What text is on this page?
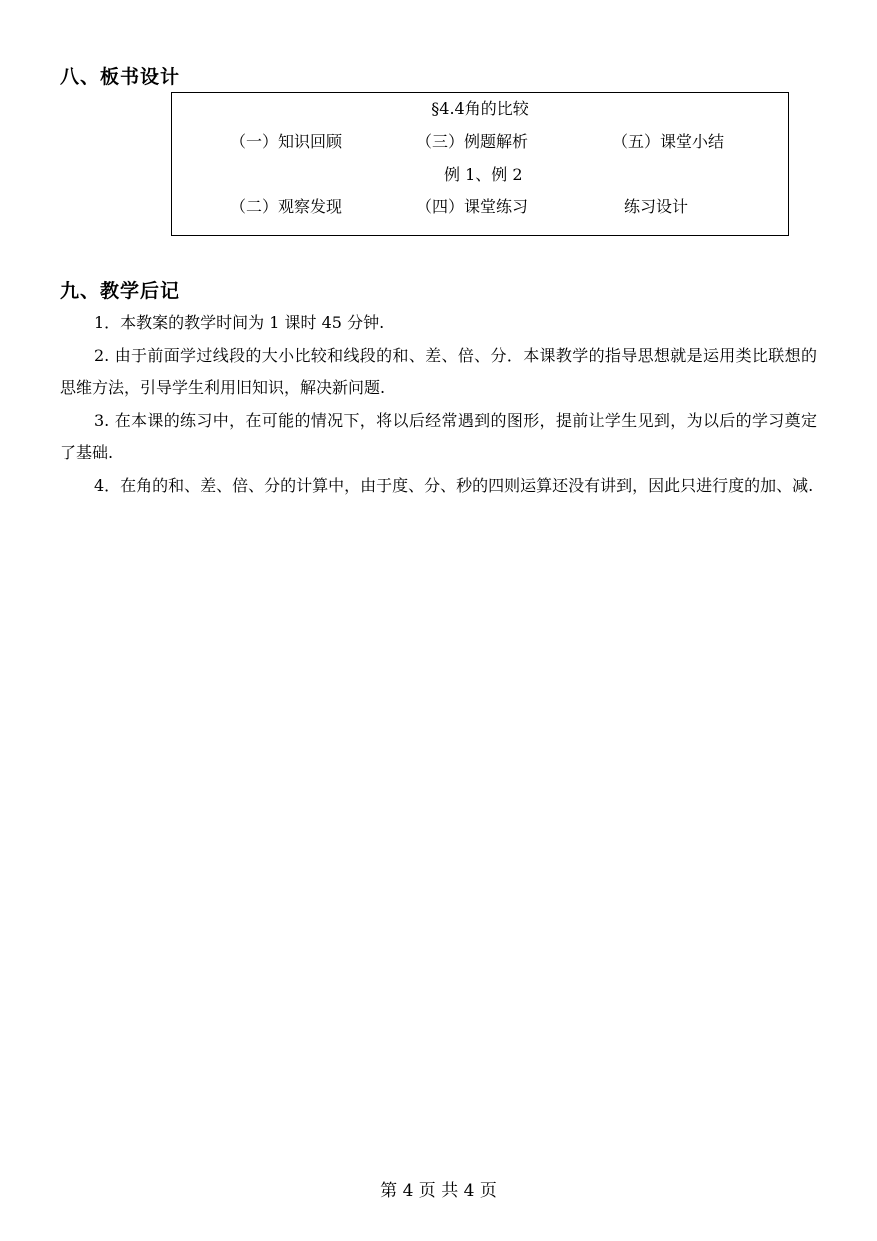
八、板书设计
§4.4角的比较
（一）知识回顾	（三）例题解析	（五）课堂小结
例 1、例 2
（二）观察发现	（四）课堂练习	练习设计
九、教学后记

1．本教案的教学时间为 1 课时 45 分钟.

2. 由于前面学过线段的大小比较和线段的和、差、倍、分．本课教学的指导思想就是运用类比联想的思维方法，引导学生利用旧知识，解决新问题.

3. 在本课的练习中，在可能的情况下，将以后经常遇到的图形，提前让学生见到，为以后的学习奠定了基础.

4．在角的和、差、倍、分的计算中，由于度、分、秒的四则运算还没有讲到，因此只进行度的加、减.

第 4 页 共 4 页
